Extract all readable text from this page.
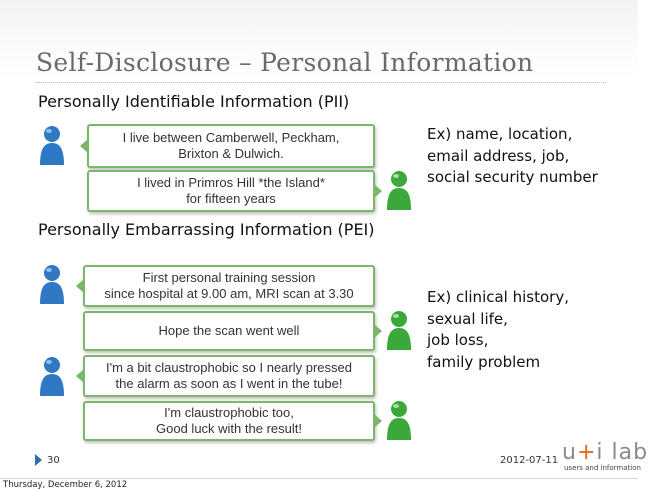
Self-Disclosure – Personal Information
Personally Identifiable Information (PII)
I live between Camberwell, Peckham,
Brixton & Dulwich.
I lived in Primros Hill *the Island*
for fifteen years
Ex) name, location,
email address, job,
social security number
Personally Embarrassing Information (PEI)
First personal training session
since hospital at 9.00 am, MRI scan at 3.30
Hope the scan went well
I'm a bit claustrophobic so I nearly pressed
the alarm as soon as I went in the tube!
I'm claustrophobic too,
Good luck with the result!
Ex) clinical history,
sexual life,
job loss,
family problem
30	2012-07-11 u+i lab
users and information
Thursday, December 6, 2012
